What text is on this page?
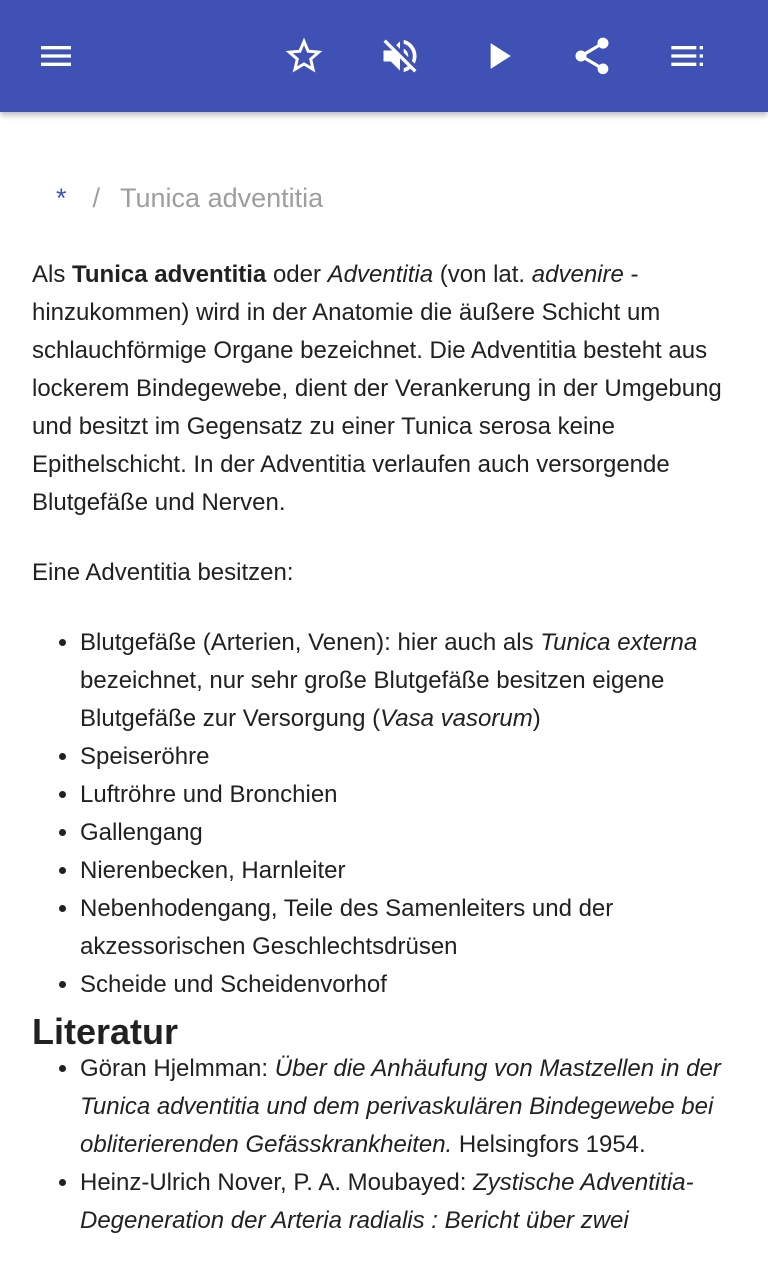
* / Tunica adventitia

Als Tunica adventitia oder Adventitia (von lat. advenire - hinzukommen) wird in der Anatomie die äußere Schicht um schlauchförmige Organe bezeichnet. Die Adventitia besteht aus lockerem Bindegewebe, dient der Verankerung in der Umgebung und besitzt im Gegensatz zu einer Tunica serosa keine Epithelschicht. In der Adventitia verlaufen auch versorgende Blutgefäße und Nerven.

Eine Adventitia besitzen:

• Blutgefäße (Arterien, Venen): hier auch als Tunica externa bezeichnet, nur sehr große Blutgefäße besitzen eigene Blutgefäße zur Versorgung (Vasa vasorum)
• Speiseröhre
• Luftröhre und Bronchien
• Gallengang
• Nierenbecken, Harnleiter
• Nebenhodengang, Teile des Samenleiters und der akzessorischen Geschlechtsdrüsen
• Scheide und Scheidenvorhof
Literatur
• Göran Hjelmman: Über die Anhäufung von Mastzellen in der Tunica adventitia und dem perivaskulären Bindegewebe bei obliterierenden Gefässkrankheiten. Helsingfors 1954.
• Heinz-Ulrich Nover, P. A. Moubayed: Zystische Adventitia-Degeneration der Arteria radialis : Bericht über zwei
